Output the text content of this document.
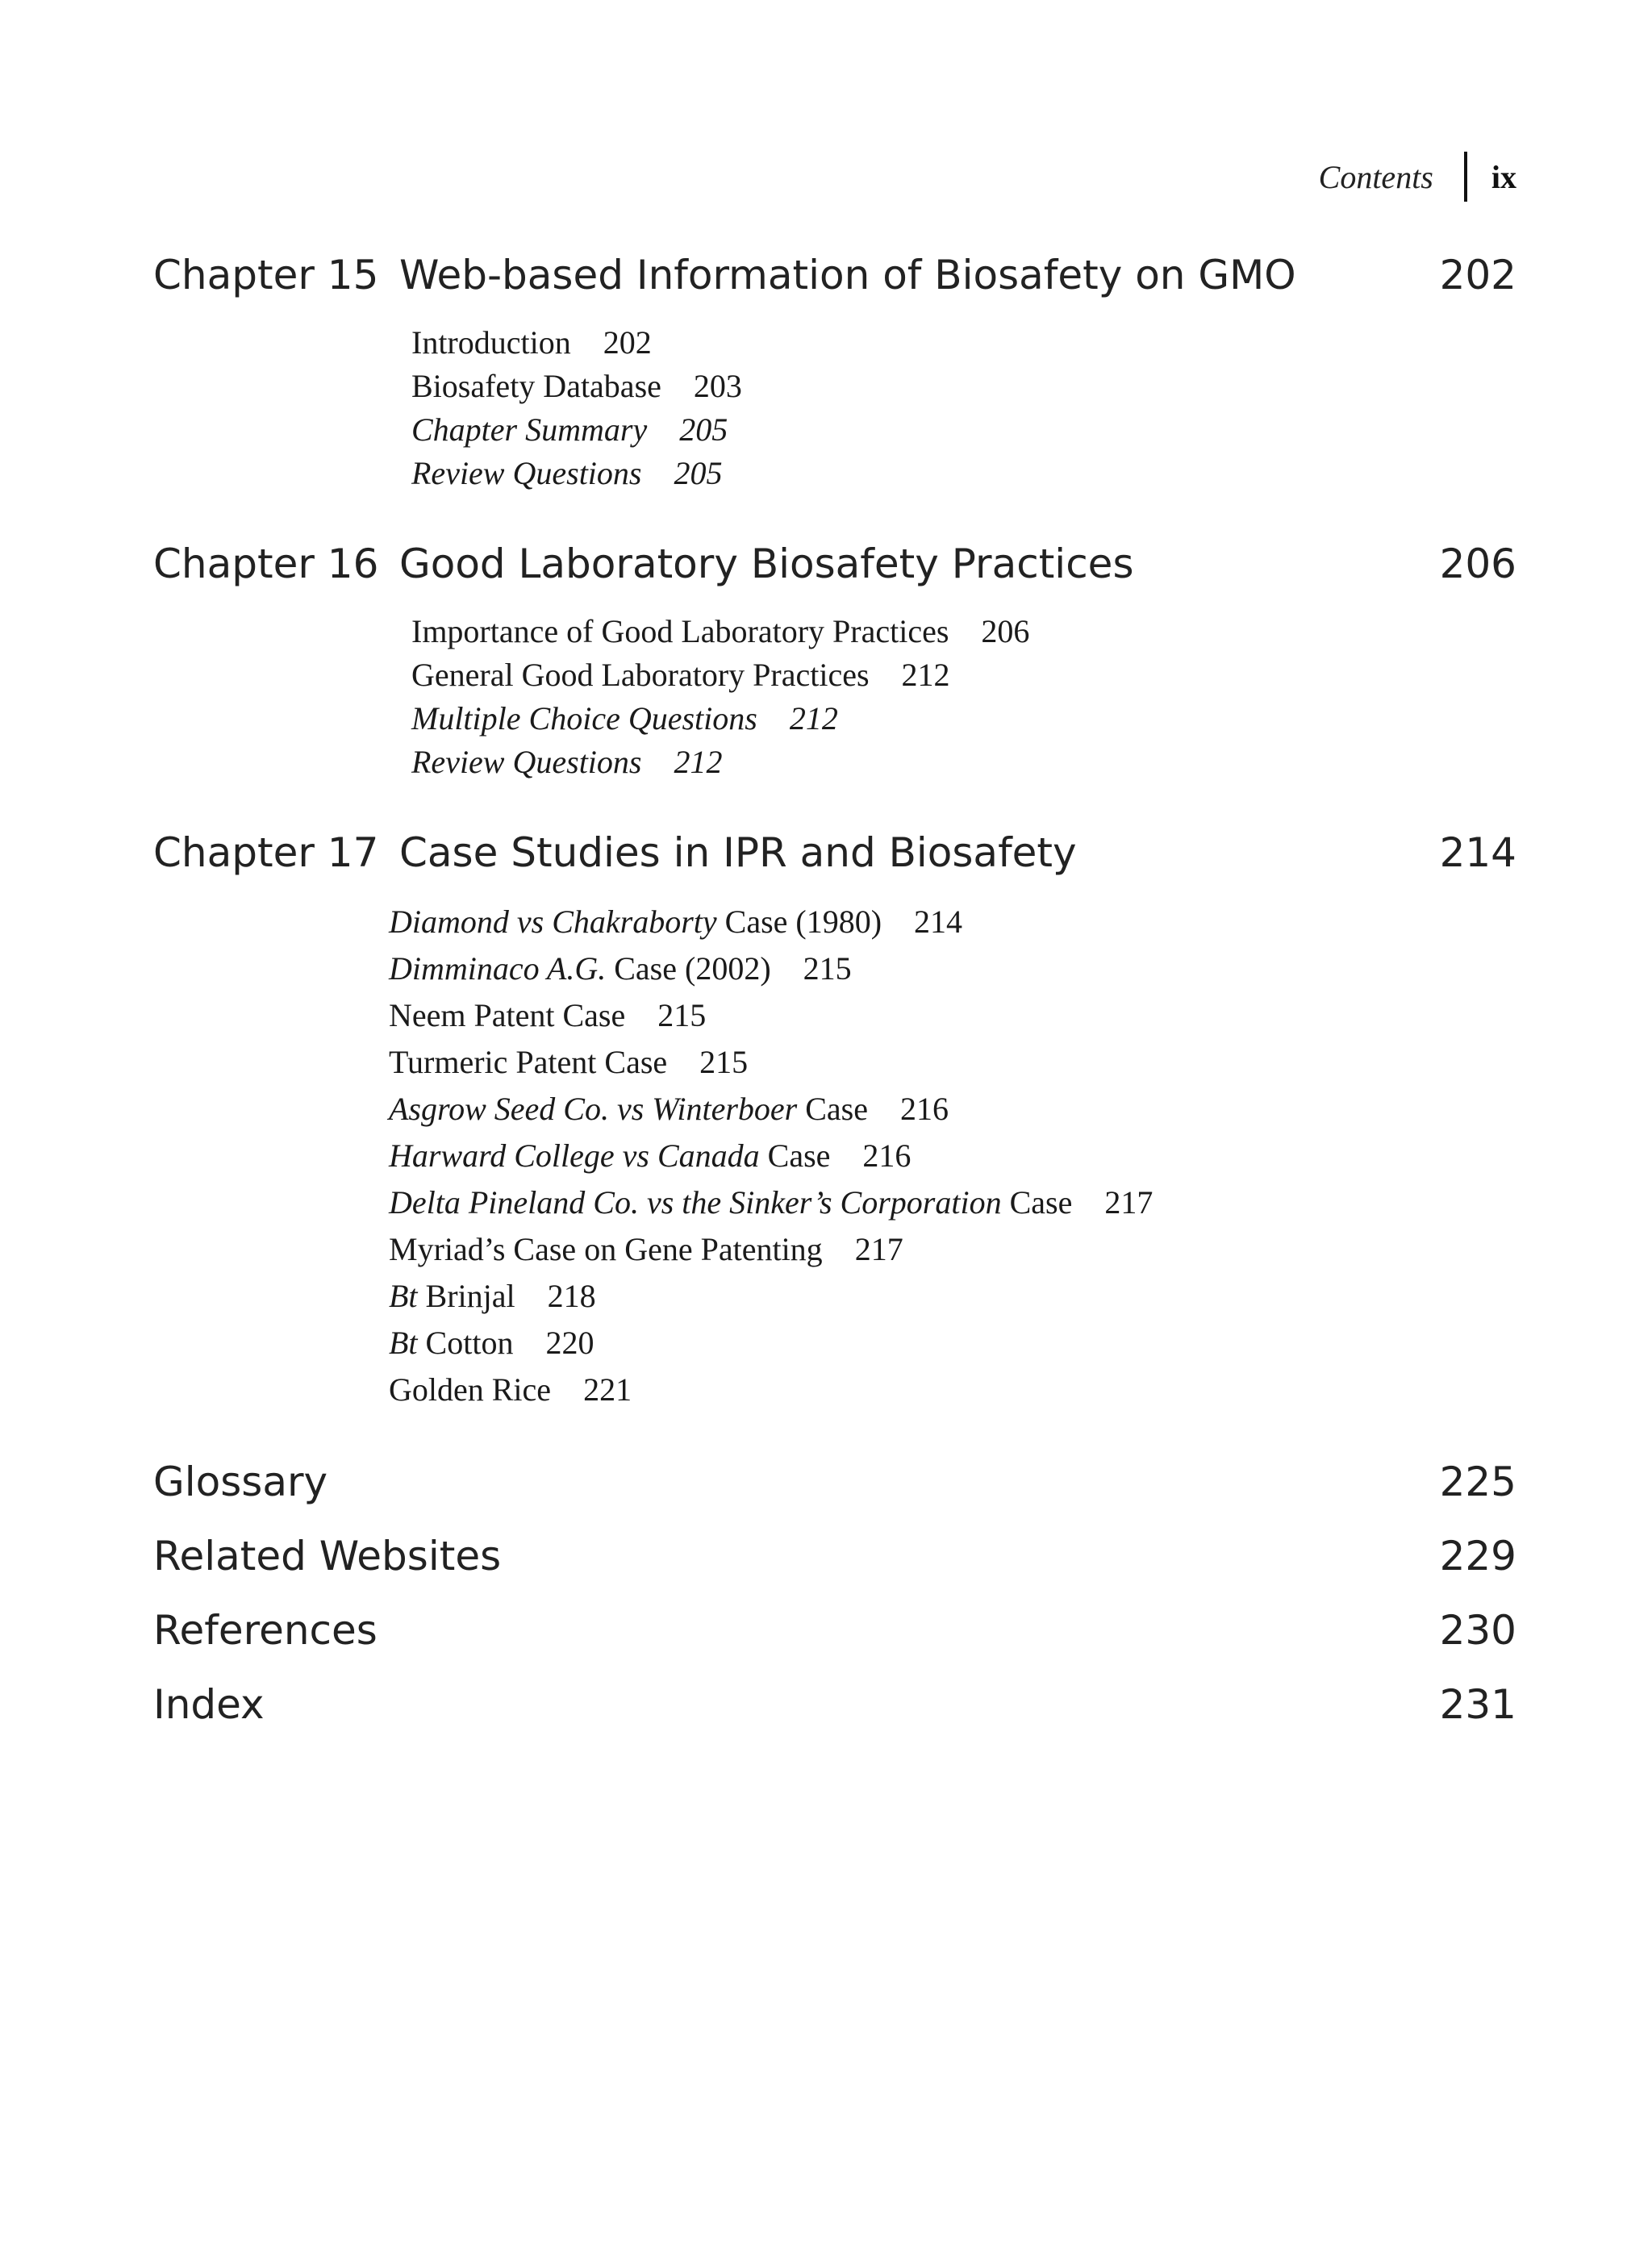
Contents ix
Chapter 15 Web-based Information of Biosafety on GMO	202
Introduction 202
Biosafety Database 203
Chapter Summary 205
Review Questions 205
Chapter 16 Good Laboratory Biosafety Practices	206
Importance of Good Laboratory Practices 206
General Good Laboratory Practices 212
Multiple Choice Questions 212
Review Questions 212
Chapter 17 Case Studies in IPR and Biosafety	214
Diamond vs Chakraborty Case (1980) 214
Dimminaco A.G. Case (2002) 215
Neem Patent Case 215
Turmeric Patent Case 215
Asgrow Seed Co. vs Winterboer Case 216
Harward College vs Canada Case 216
Delta Pineland Co. vs the Sinker’s Corporation Case 217
Myriad’s Case on Gene Patenting 217
Bt Brinjal 218
Bt Cotton 220
Golden Rice 221
Glossary	225
Related Websites	229
References	230
Index	231
